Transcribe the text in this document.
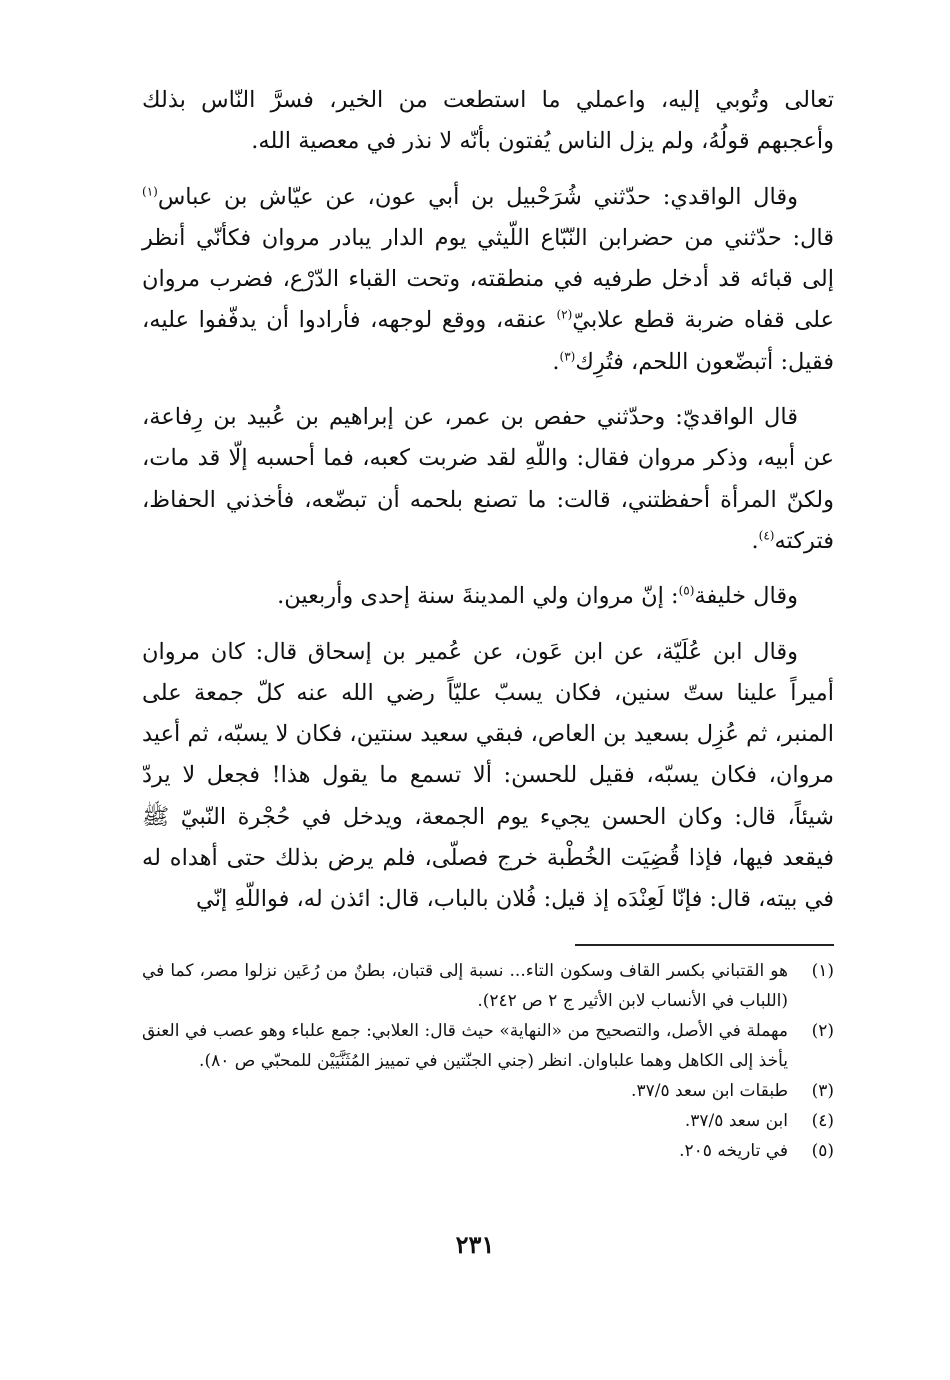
تعالى وتُوبي إليه، واعملي ما استطعت من الخير، فسرَّ النّاس بذلك وأعجبهم قولُهُ، ولم يزل الناس يُفتون بأنّه لا نذر في معصية الله.

وقال الواقدي: حدّثني شُرَحْبيل بن أبي عون، عن عيّاش بن عباس$^{(١)}$ قال: حدّثني من حضرابن النّبّاع اللّيثي يوم الدار يبادر مروان فكأنّي أنظر إلى قبائه قد أدخل طرفيه في منطقته، وتحت القباء الدّرْع، فضرب مروان على قفاه ضربة قطع علابيّ$^{(٢)}$ عنقه، ووقع لوجهه، فأرادوا أن يدفّفوا عليه، فقيل: أتبضّعون اللحم، فتُرِك$^{(٣)}$.

قال الواقديّ: وحدّثني حفص بن عمر، عن إبراهيم بن عُبيد بن رِفاعة، عن أبيه، وذكر مروان فقال: واللّهِ لقد ضربت كعبه، فما أحسبه إلّا قد مات، ولكنّ المرأة أحفظتني، قالت: ما تصنع بلحمه أن تبضّعه، فأخذني الحفاظ، فتركته$^{(٤)}$.

وقال خليفة$^{(٥)}$: إنّ مروان ولي المدينةَ سنة إحدى وأربعين.

وقال ابن عُلَيّة، عن ابن عَون، عن عُمير بن إسحاق قال: كان مروان أميراً علينا ستّ سنين، فكان يسبّ عليّاً رضي الله عنه كلّ جمعة على المنبر، ثم عُزِل بسعيد بن العاص، فبقي سعيد سنتين، فكان لا يسبّه، ثم أعيد مروان، فكان يسبّه، فقيل للحسن: ألا تسمع ما يقول هذا! فجعل لا يردّ شيئاً، قال: وكان الحسن يجيء يوم الجمعة، ويدخل في حُجْرة النّبيّ ﷺ فيقعد فيها، فإذا قُضِيَت الخُطْبة خرج فصلّى، فلم يرض بذلك حتى أهداه له في بيته، قال: فإنّا لَعِنْدَه إذ قيل: فُلان بالباب، قال: ائذن له، فواللّهِ إنّي

(١)
هو القتباني بكسر القاف وسكون التاء... نسبة إلى قتبان، بطنٌ من رُعَين نزلوا مصر، كما في (اللباب في الأنساب لابن الأثير ج ٢ ص ٢٤٢).
(٢)
مهملة في الأصل، والتصحيح من «النهاية» حيث قال: العلابي: جمع علباء وهو عصب في العنق يأخذ إلى الكاهل وهما علباوان. انظر (جني الجنّتين في تمييز المُثَنَّيَيْن للمحبّي ص ٨٠).
(٣)
طبقات ابن سعد ٣٧/٥.
(٤)
ابن سعد ٣٧/٥.
(٥)
في تاريخه ٢٠٥.
٢٣١
